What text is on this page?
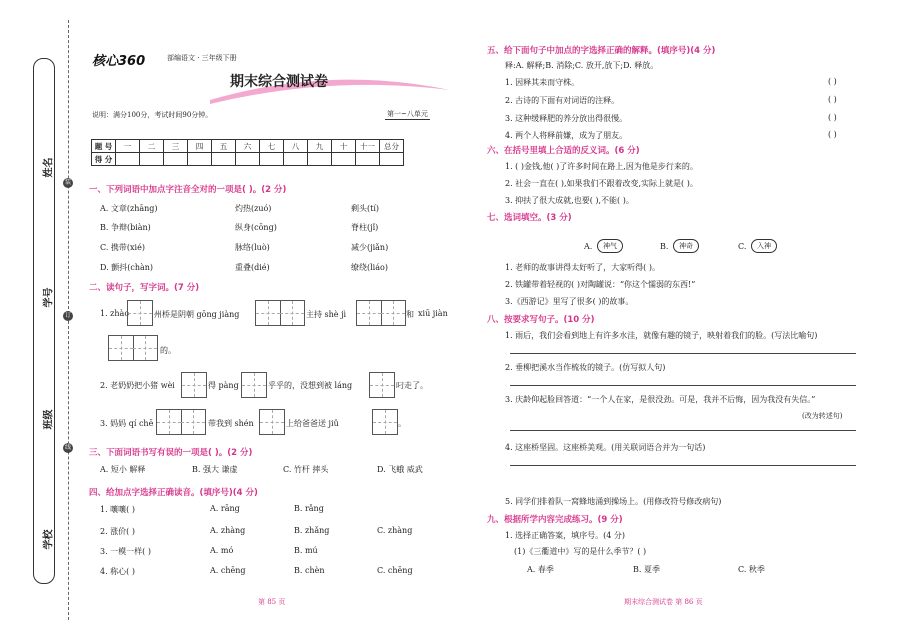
姓名
学号
班级
学校
装
订
线
核心360	部编语文 · 三年级下册
期末综合测试卷
说明：满分100分，考试时间90分钟。	第一~八单元
题 号	一	二	三	四	五	六	七	八	九	十	十一	总分
得 分												
一、下列词语中加点字注音全对的一项是( )。(2 分)
二、读句子，写字词。(7 分)
1. zhào	州桥是阴朝 gōng jiàng	主持 shè jì	和 xiū jiàn
的。
2. 老奶奶把小猪 wèi	得 pàng	乎乎的，没想到被 láng	叼走了。
3. 妈妈 qí chē	带我到 shén	上给爸爸送 jiǔ	。
三、下面词语书写有误的一项是( )。(2 分)
四、给加点字选择正确读音。(填序号)(4 分)
第 85 页
五、给下面句子中加点的字选择正确的解释。(填序号)(4 分)
释:A. 解释;B. 消除;C. 放开,放下;D. 释放。
六、在括号里填上合适的反义词。(6 分)
七、选词填空。(3 分)
A.	神气	B.	神奇	C.	入神
八、按要求写句子。(10 分)
1. 雨后，我们会看到地上有许多水洼，就像有趣的镜子，映射着我们的脸。(写法比喻句)
2. 垂柳把溪水当作梳妆的镜子。(仿写拟人句)
3. 庆龄仰起脸回答道：“一个人在家，是很没劲。可是，我并不后悔，因为我没有失信。”
(改为转述句)
4. 这座桥坚固。这座桥美观。(用关联词语合并为一句话)
5. 同学们排着队一窝蜂地涌到操场上。(用修改符号修改病句)
九、根据所学内容完成练习。(9 分)
1. 选择正确答案，填序号。(4 分)
(1)《三衢道中》写的是什么季节？( )
期末综合测试卷 第 86 页
A. 文章(zhāng)	灼热(zuó)	剩头(tí)
B. 争辩(biàn)	纵身(cōng)	脊柱(jǐ)
C. 携带(xié)	脉络(luò)	减少(jiǎn)
D. 颤抖(chàn)	重叠(dié)	缭绕(liáo)
A. 短小 解释	B. 强大 谦虚	C. 竹杆 摔头	D. 飞蛾 威武
1. 嚷嚷( )	A. rāng	B. rǎng
2. 涨价( )	A. zhàng	B. zhǎng	C. zhàng
3. 一模一样( )	A. mó	B. mú
4. 称心( )	A. chēng	B. chèn	C. chēng
1. 因释其耒而守株。	( )
2. 古诗的下面有对词语的注释。	( )
3. 这种缓释肥的养分放出得很慢。	( )
4. 两个人将释前嫌，成为了朋友。	( )
1. ( )金钱,他( )了许多时间在路上,因为他是步行来的。
2. 社会一直在( ),如果我们不跟着改变,实际上就是( )。
3. 抑扶了很大成就,也要( ),不能( )。
1. 老师的故事讲得太好听了，大家听得( )。
2. 铁罐带着轻视的( )对陶罐说：“你这个懦弱的东西!”
3.《西游记》里写了很多( )的故事。
A. 春季	B. 夏季	C. 秋季
